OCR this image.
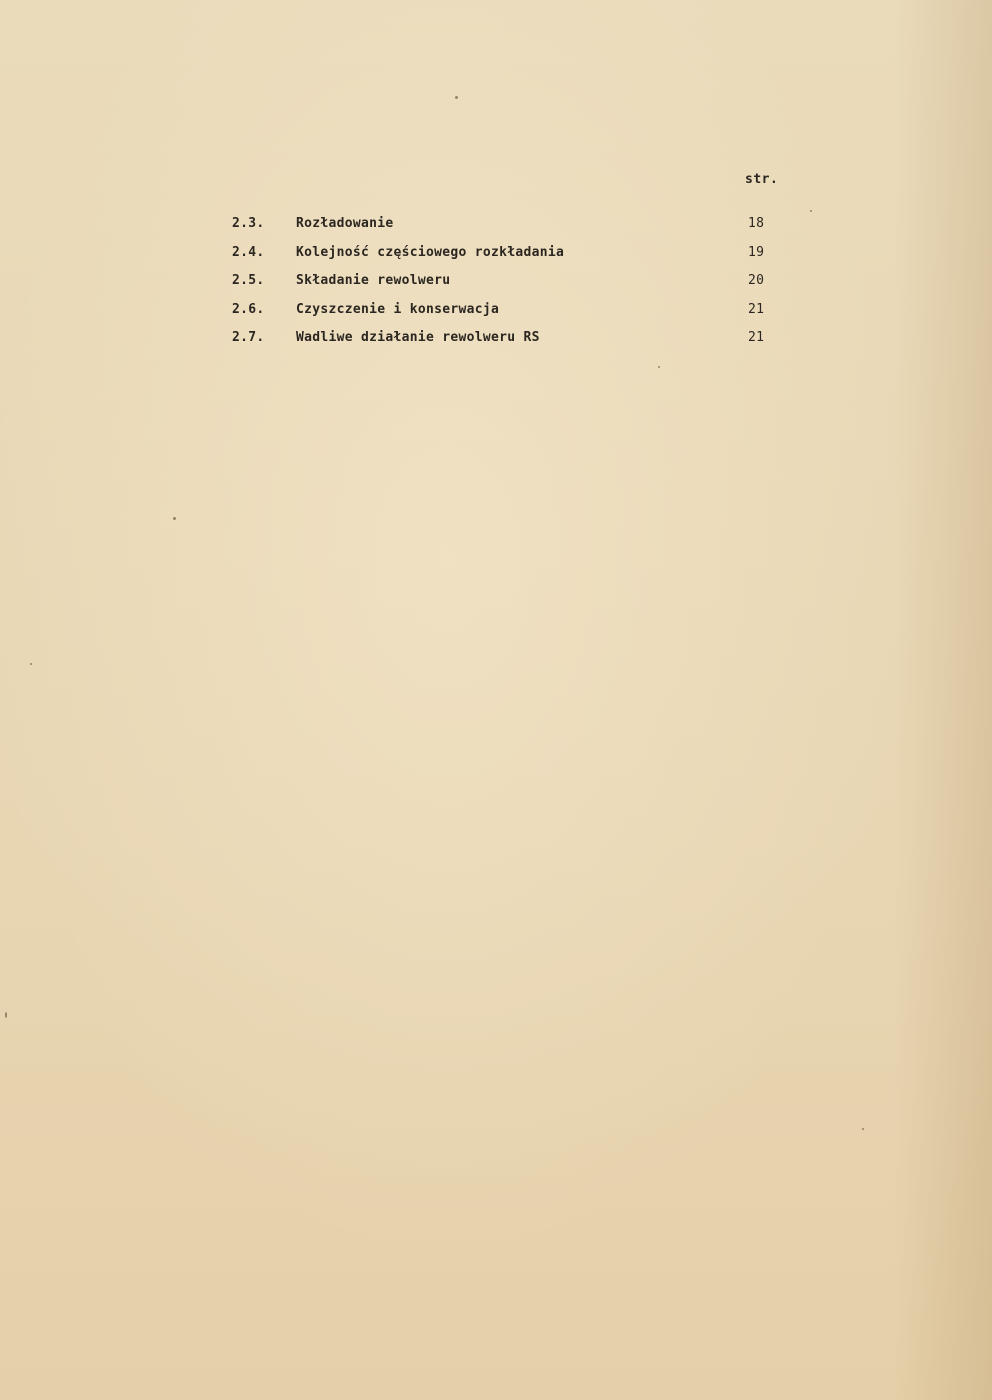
str.
2.3.	Rozładowanie	18
2.4.	Kolejność częściowego rozkładania	19
2.5.	Składanie rewolweru	20
2.6.	Czyszczenie i konserwacja	21
2.7.	Wadliwe działanie rewolweru RS	21
